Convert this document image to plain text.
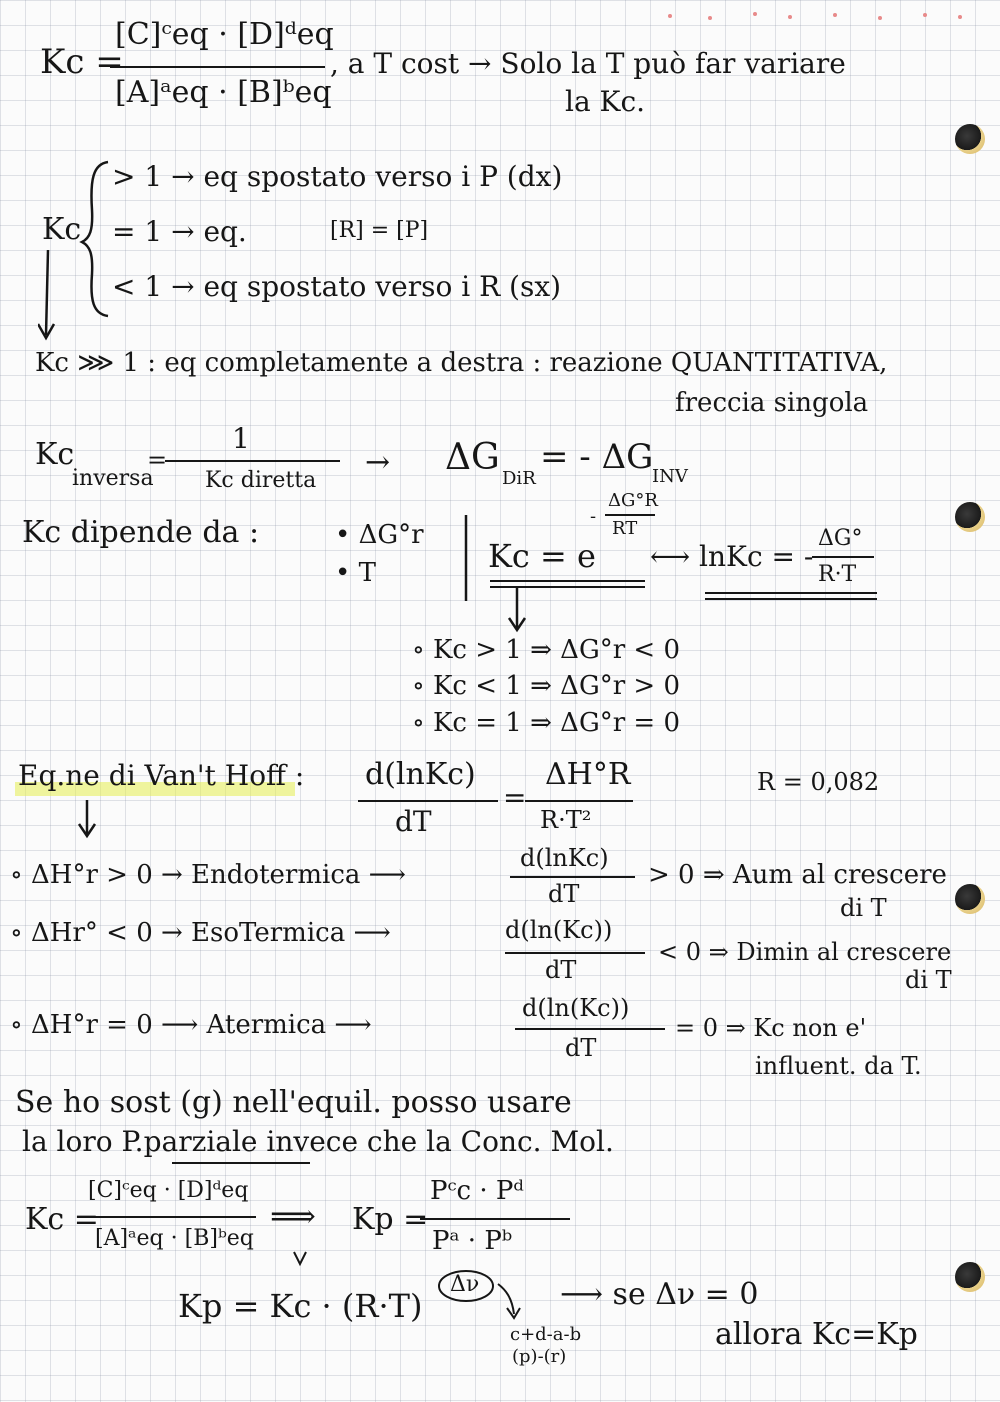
Kc =
[C]ᶜeq · [D]ᵈeq
[A]ᵃeq · [B]ᵇeq
, a T cost → Solo la T può far variare
la Kc.
Kc
> 1 → eq spostato verso i P (dx)
= 1 → eq.	[R] = [P]
< 1 → eq spostato verso i R (sx)
Kc ⋙ 1 : eq completamente a destra : reazione QUANTITATIVA,
freccia singola
Kc
inversa
=
1
Kc diretta
→ ΔG
DiR
= - ΔG
INV
Kc dipende da :	• ΔG°r
• T
-
ΔG°R
RT
Kc = e ⟷ lnKc = -
ΔG°
R·T
∘ Kc > 1 ⇒ ΔG°r < 0
∘ Kc < 1 ⇒ ΔG°r > 0
∘ Kc = 1 ⇒ ΔG°r = 0
Eq.ne di Van't Hoff : d(lnKc)
dT
=
ΔH°R
R·T²
R = 0,082
∘ ΔH°r > 0 → Endotermica ⟶
d(lnKc)
dT
> 0 ⇒ Aum al crescere
di T
∘ ΔHr° < 0 → EsoTermica ⟶	d(ln(Kc))
dT
< 0 ⇒ Dimin al crescere
di T
∘ ΔH°r = 0 ⟶ Atermica ⟶
d(ln(Kc))
dT
= 0 ⇒ Kc non e'
influent. da T.
Se ho sost (g) nell'equil. posso usare
la loro P.parziale invece che la Conc. Mol.
Kc =
[C]ᶜeq · [D]ᵈeq
[A]ᵃeq · [B]ᵇeq
⟹ Kp =
Pᶜc · Pᵈ
Pᵃ · Pᵇ
Kp = Kc · (R·T)
Δν
c+d-a-b
(p)-(r)
⟶ se Δν = 0
allora Kc=Kp
